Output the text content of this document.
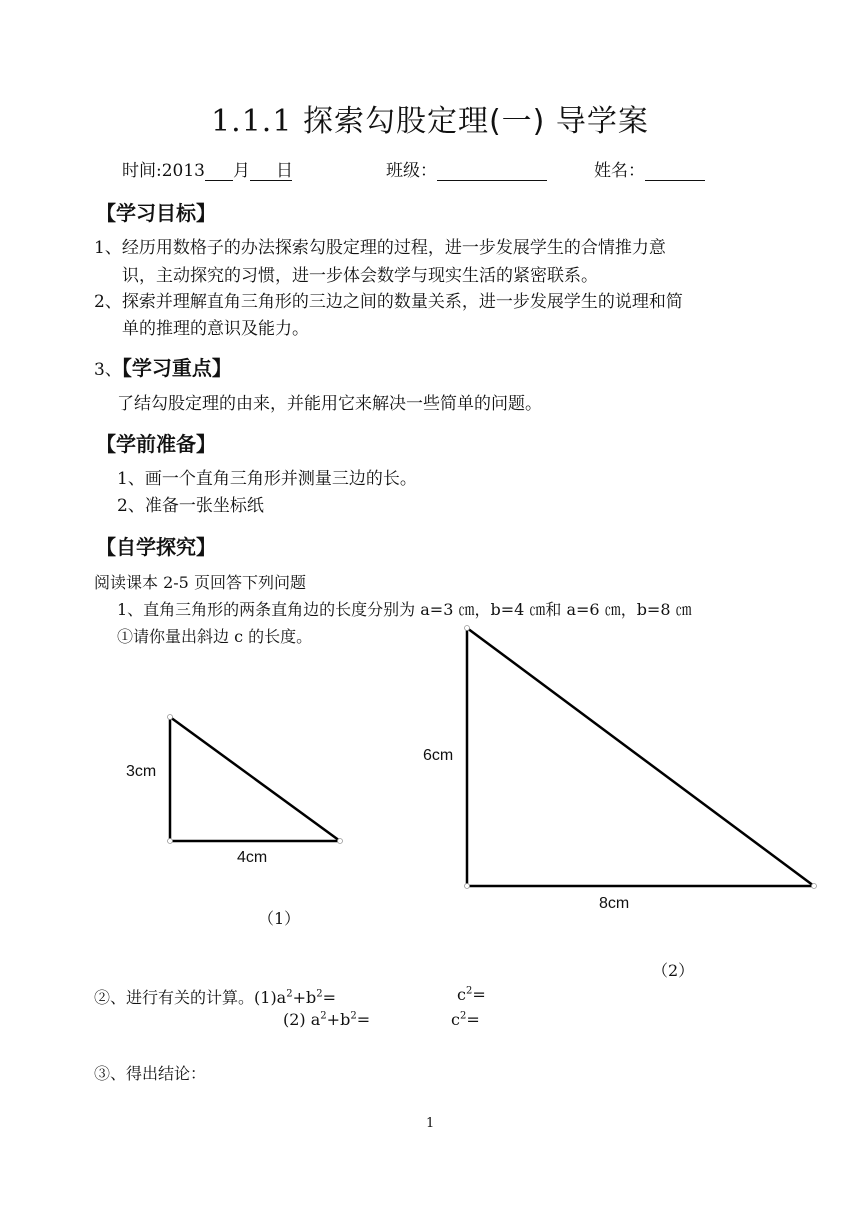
1.1.1 探索勾股定理(一) 导学案
时间:2013 月 日	班级：	姓名：
【学习目标】
1、经历用数格子的办法探索勾股定理的过程，进一步发展学生的合情推力意
识，主动探究的习惯，进一步体会数学与现实生活的紧密联系。
2、探索并理解直角三角形的三边之间的数量关系，进一步发展学生的说理和简
单的推理的意识及能力。
3、【学习重点】
了结勾股定理的由来，并能用它来解决一些简单的问题。
【学前准备】
1、画一个直角三角形并测量三边的长。
2、准备一张坐标纸
【自学探究】
阅读课本 2-5 页回答下列问题
1、直角三角形的两条直角边的长度分别为 a=3 ㎝，b=4 ㎝和 a=6 ㎝，b=8 ㎝
①请你量出斜边 c 的长度。
3cm
4cm
（1）
6cm
8cm
（2）
②、进行有关的计算。$(1)a^2+b^2=$	$c^2=$
(2) $a^2+b^2=$	$c^2=$
③、得出结论：
1
